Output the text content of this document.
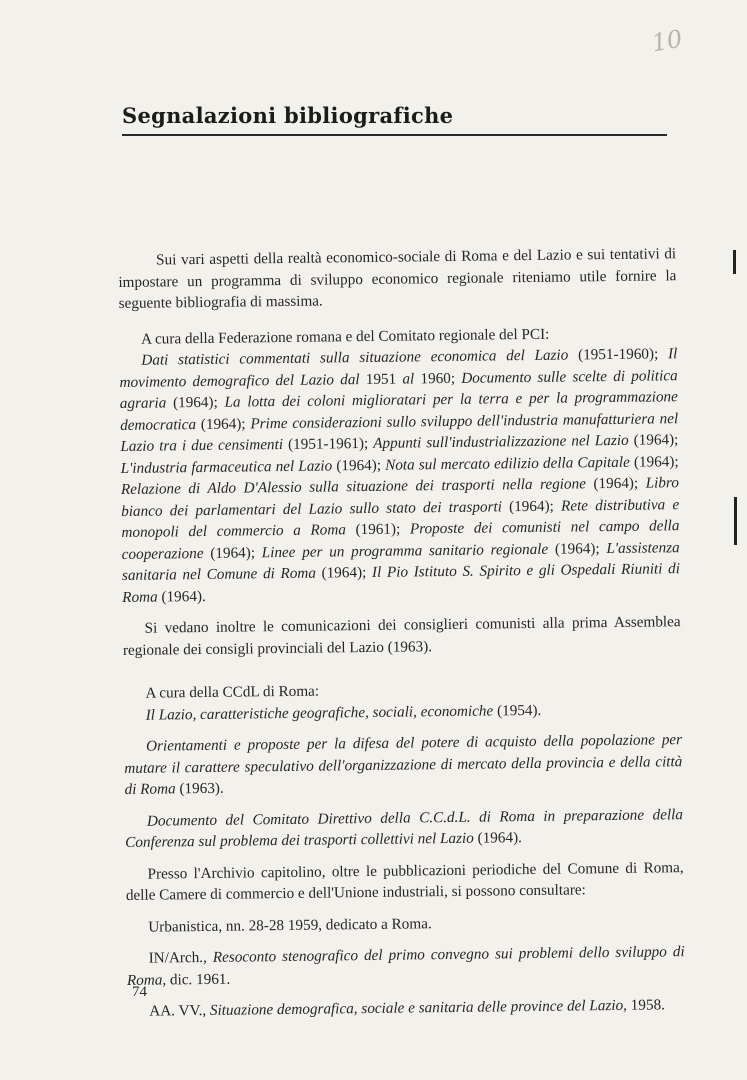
10
Segnalazioni bibliografiche

Sui vari aspetti della realtà economico-sociale di Roma e del Lazio e sui tentativi di impostare un programma di sviluppo economico regionale riteniamo utile fornire la seguente bibliografia di massima.

A cura della Federazione romana e del Comitato regionale del PCI:

Dati statistici commentati sulla situazione economica del Lazio (1951-1960); Il movimento demografico del Lazio dal 1951 al 1960; Documento sulle scelte di politica agraria (1964); La lotta dei coloni miglioratari per la terra e per la programmazione democratica (1964); Prime considerazioni sullo sviluppo dell'industria manufatturiera nel Lazio tra i due censimenti (1951-1961); Appunti sull'industrializzazione nel Lazio (1964); L'industria farmaceutica nel Lazio (1964); Nota sul mercato edilizio della Capitale (1964); Relazione di Aldo D'Alessio sulla situazione dei trasporti nella regione (1964); Libro bianco dei parlamentari del Lazio sullo stato dei trasporti (1964); Rete distributiva e monopoli del commercio a Roma (1961); Proposte dei comunisti nel campo della cooperazione (1964); Linee per un programma sanitario regionale (1964); L'assistenza sanitaria nel Comune di Roma (1964); Il Pio Istituto S. Spirito e gli Ospedali Riuniti di Roma (1964).

Si vedano inoltre le comunicazioni dei consiglieri comunisti alla prima Assemblea regionale dei consigli provinciali del Lazio (1963).

A cura della CCdL di Roma:

Il Lazio, caratteristiche geografiche, sociali, economiche (1954).

Orientamenti e proposte per la difesa del potere di acquisto della popolazione per mutare il carattere speculativo dell'organizzazione di mercato della provincia e della città di Roma (1963).

Documento del Comitato Direttivo della C.C.d.L. di Roma in preparazione della Conferenza sul problema dei trasporti collettivi nel Lazio (1964).

Presso l'Archivio capitolino, oltre le pubblicazioni periodiche del Comune di Roma, delle Camere di commercio e dell'Unione industriali, si possono consultare:

Urbanistica, nn. 28-28 1959, dedicato a Roma.

IN/Arch., Resoconto stenografico del primo convegno sui problemi dello sviluppo di Roma, dic. 1961.

AA. VV., Situazione demografica, sociale e sanitaria delle province del Lazio, 1958.

74
